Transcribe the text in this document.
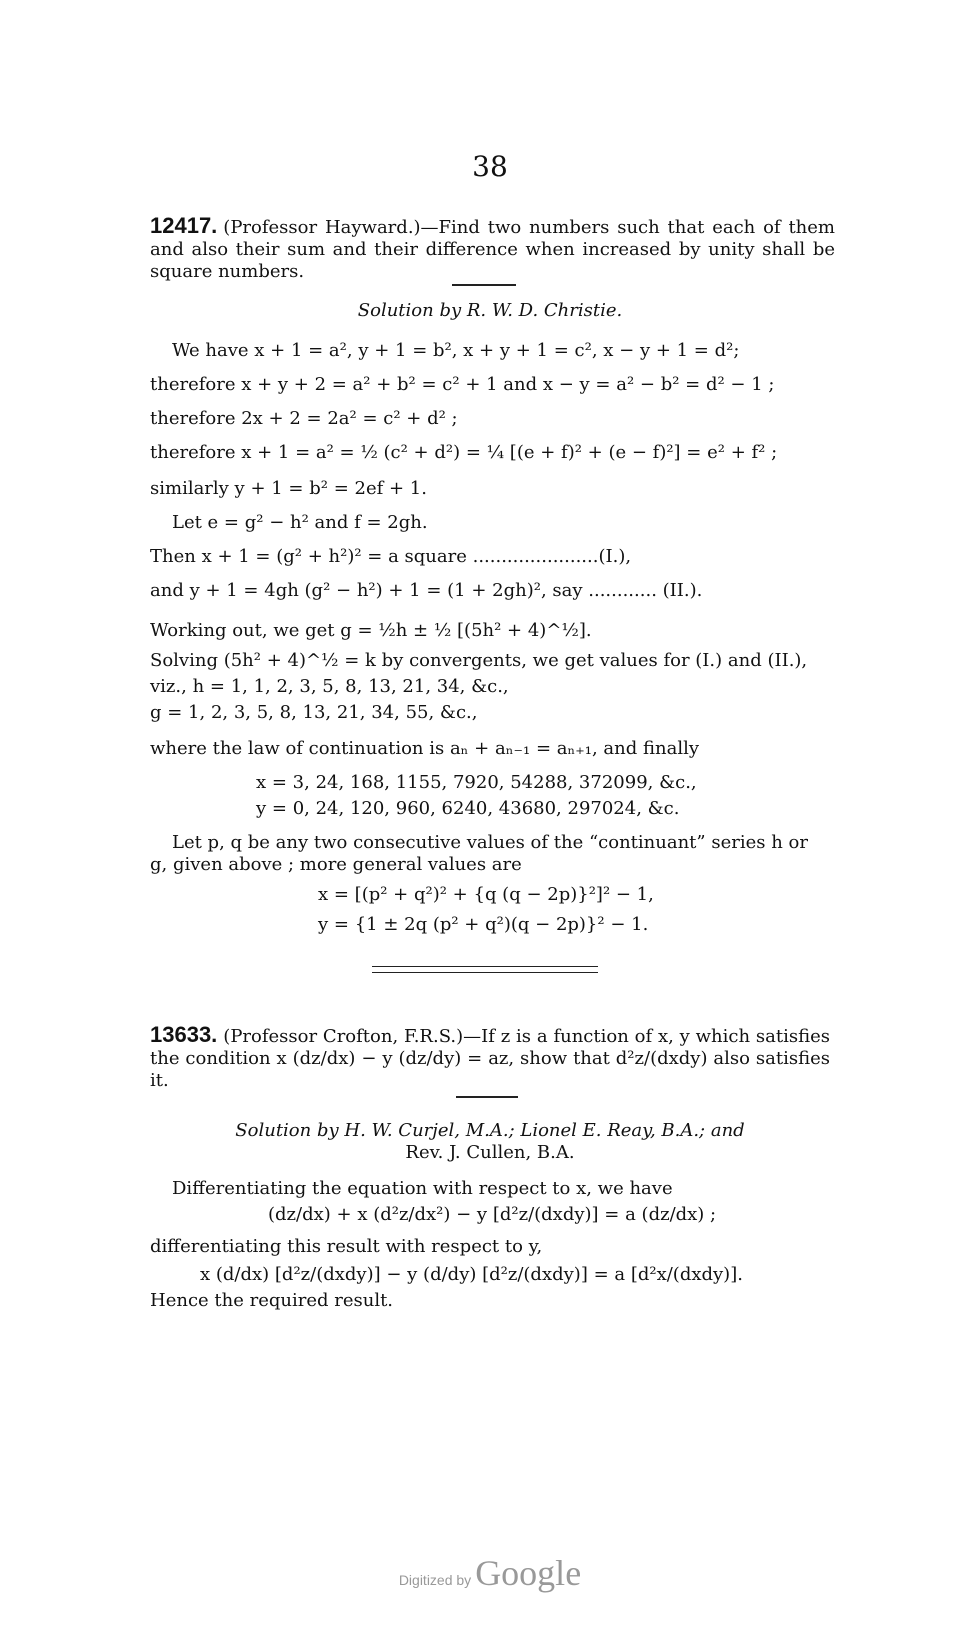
38
12417. (Professor Hayward.)—Find two numbers such that each of them and also their sum and their difference when increased by unity shall be square numbers.
Solution by R. W. D. Christie.
We have x + 1 = a², y + 1 = b², x + y + 1 = c², x − y + 1 = d²;
therefore x + y + 2 = a² + b² = c² + 1 and x − y = a² − b² = d² − 1 ;
therefore 2x + 2 = 2a² = c² + d² ;
therefore x + 1 = a² = ½ (c² + d²) = ¼ [(e + f)² + (e − f)²] = e² + f² ;
similarly y + 1 = b² = 2ef + 1.
Let e = g² − h² and f = 2gh.
Then x + 1 = (g² + h²)² = a square ......................(I.),
and y + 1 = 4gh (g² − h²) + 1 = (1 + 2gh)², say ............ (II.).
Working out, we get g = ½h ± ½ [(5h² + 4)^½].
Solving (5h² + 4)^½ = k by convergents, we get values for (I.) and (II.),
viz., h = 1, 1, 2, 3, 5, 8, 13, 21, 34, &c.,
g = 1, 2, 3, 5, 8, 13, 21, 34, 55, &c.,
where the law of continuation is aₙ + aₙ₋₁ = aₙ₊₁, and finally
x = 3, 24, 168, 1155, 7920, 54288, 372099, &c.,
y = 0, 24, 120, 960, 6240, 43680, 297024, &c.
Let p, q be any two consecutive values of the “continuant” series h or
g, given above ; more general values are
x = [(p² + q²)² + {q (q − 2p)}²]² − 1,
y = {1 ± 2q (p² + q²)(q − 2p)}² − 1.
13633. (Professor Crofton, F.R.S.)—If z is a function of x, y which satisfies the condition x (dz/dx) − y (dz/dy) = az, show that d²z/(dxdy) also satisfies it.
Solution by H. W. Curjel, M.A.; Lionel E. Reay, B.A.; and
Rev. J. Cullen, B.A.
Differentiating the equation with respect to x, we have
(dz/dx) + x (d²z/dx²) − y [d²z/(dxdy)] = a (dz/dx) ;
differentiating this result with respect to y,
x (d/dx) [d²z/(dxdy)] − y (d/dy) [d²z/(dxdy)] = a [d²x/(dxdy)].
Hence the required result.
Digitized by Google
